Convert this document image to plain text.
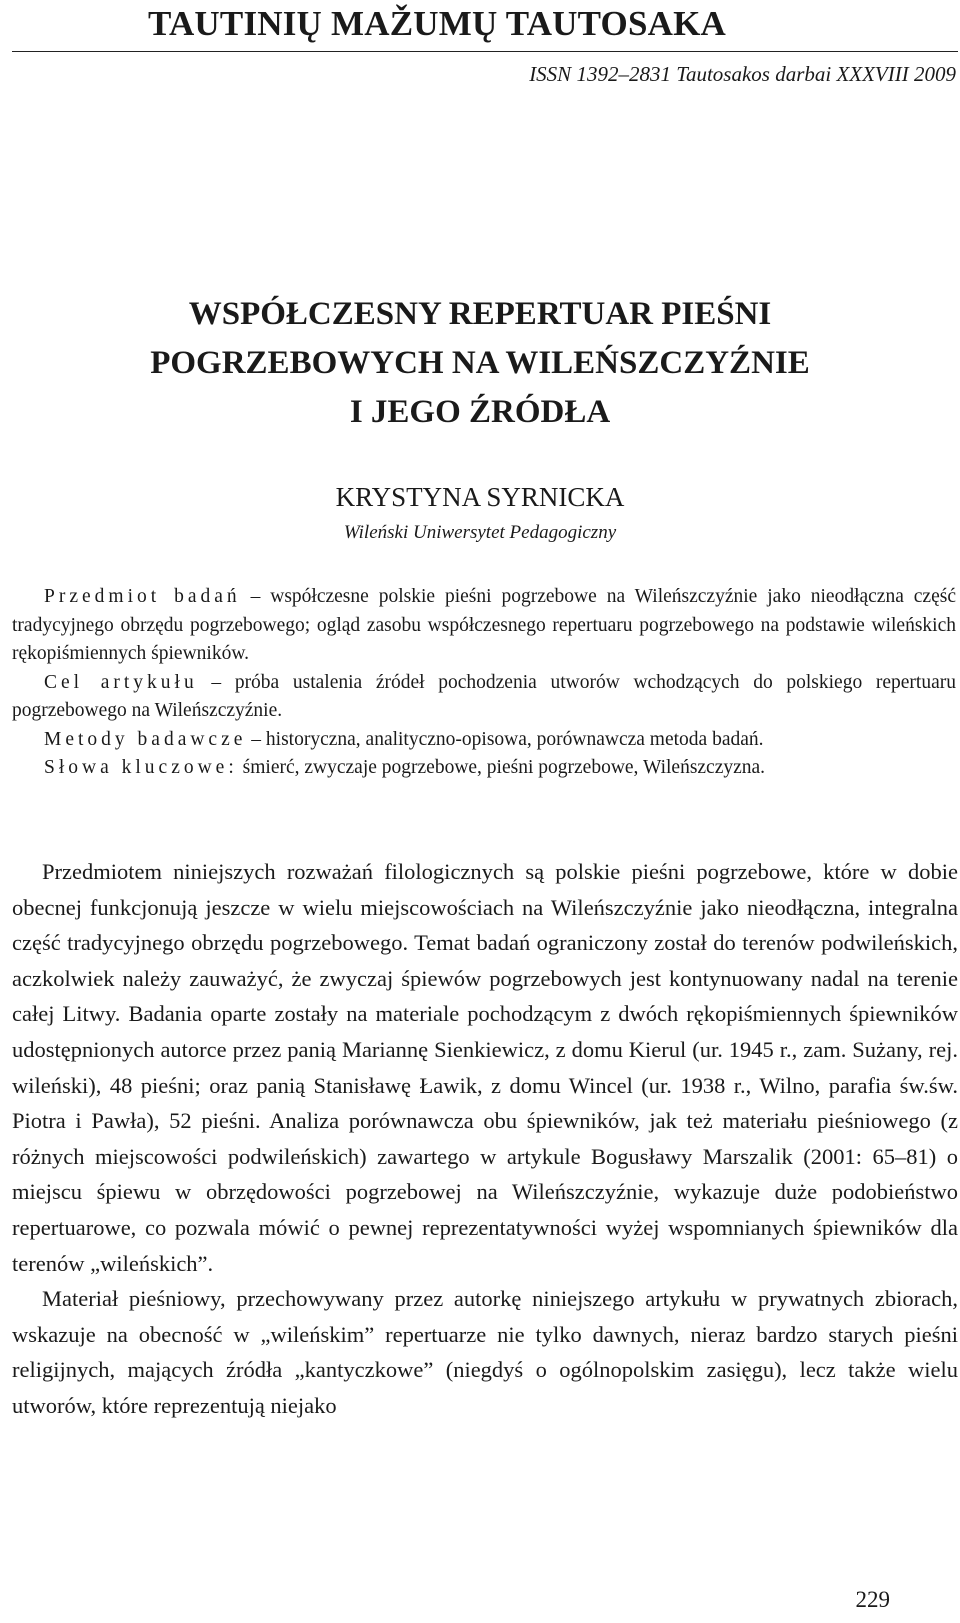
TAUTINIŲ MAŽUMŲ TAUTOSAKA
ISSN 1392–2831 Tautosakos darbai XXXVIII 2009
WSPÓŁCZESNY REPERTUAR PIEŚNI
POGRZEBOWYCH NA WILEŃSZCZYŹNIE
I JEGO ŹRÓDŁA
KRYSTYNA SYRNICKA
Wileński Uniwersytet Pedagogiczny

Przedmiot badań – współczesne polskie pieśni pogrzebowe na Wileńszczyźnie jako nieodłączna część tradycyjnego obrzędu pogrzebowego; ogląd zasobu współczesnego repertuaru pogrzebowego na podstawie wileńskich rękopiśmiennych śpiewników.

Cel artykułu – próba ustalenia źródeł pochodzenia utworów wchodzących do polskiego repertuaru pogrzebowego na Wileńszczyźnie.

Metody badawcze – historyczna, analityczno-opisowa, porównawcza metoda badań.

Słowa kluczowe: śmierć, zwyczaje pogrzebowe, pieśni pogrzebowe, Wileńszczyzna.

Przedmiotem niniejszych rozważań filologicznych są polskie pieśni pogrzebowe, które w dobie obecnej funkcjonują jeszcze w wielu miejscowościach na Wileńszczyźnie jako nieodłączna, integralna część tradycyjnego obrzędu pogrzebowego. Temat badań ograniczony został do terenów podwileńskich, aczkolwiek należy zauważyć, że zwyczaj śpiewów pogrzebowych jest kontynuowany nadal na terenie całej Litwy. Badania oparte zostały na materiale pochodzącym z dwóch rękopiśmiennych śpiewników udostępnionych autorce przez panią Mariannę Sienkiewicz, z domu Kierul (ur. 1945 r., zam. Sużany, rej. wileński), 48 pieśni; oraz panią Stanisławę Ławik, z domu Wincel (ur. 1938 r., Wilno, parafia św.św. Piotra i Pawła), 52 pieśni. Analiza porównawcza obu śpiewników, jak też materiału pieśniowego (z różnych miejscowości podwileńskich) zawartego w artykule Bogusławy Marszalik (2001: 65–81) o miejscu śpiewu w obrzędowości pogrzebowej na Wileńszczyźnie, wykazuje duże podobieństwo repertuarowe, co pozwala mówić o pewnej reprezentatywności wyżej wspomnianych śpiewników dla terenów „wileńskich”.

Materiał pieśniowy, przechowywany przez autorkę niniejszego artykułu w prywatnych zbiorach, wskazuje na obecność w „wileńskim” repertuarze nie tylko dawnych, nieraz bardzo starych pieśni religijnych, mających źródła „kantyczkowe” (niegdyś o ogólnopolskim zasięgu), lecz także wielu utworów, które reprezentują niejako

229
